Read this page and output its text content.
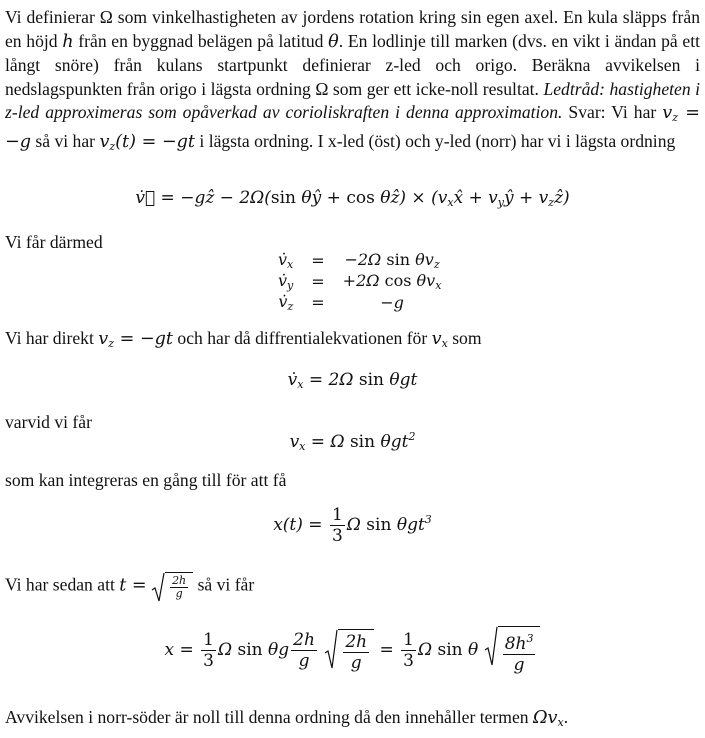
Vi definierar Ω som vinkelhastigheten av jordens rotation kring sin egen axel. En kula släpps från en höjd h från en byggnad belägen på latitud θ. En lodlinje till marken (dvs. en vikt i ändan på ett långt snöre) från kulans startpunkt definierar z-led och origo. Beräkna avvikelsen i nedslagspunkten från origo i lägsta ordning Ω som ger ett icke-noll resultat. Ledtråd: hastigheten i z-led approximeras som opåverkad av corioliskraften i denna approximation. Svar: Vi har $v_z = -g$ så vi har $v_z(t) = -gt$ i lägsta ordning. I x-led (öst) och y-led (norr) har vi i lägsta ordning
v̇⃗ = −gẑ − 2Ω(sin θŷ + cos θẑ) × ($v_xx̂$ + $v_yŷ$ + $v_zẑ$)
Vi får därmed
$v̇_x$	=	−2Ω $\sin \theta v_z$
$v̇_y$	=	+2Ω $\cos \theta v_x$
$v̇_z$	=	−g
Vi har direkt $v_z = -gt$ och har då diffrentialekvationen för $v_x$ som
$v̇_x = 2\Omega$ sin θgt
varvid vi får
$v_x = \Omega$ sin θgt$^2$
som kan integreras en gång till för att få
$x(t) = \frac{1}{3}$ Ω sin θgt$^3$
Vi har sedan att $t = \frac{2h}{g}$ så vi får
$x = \frac{1}{3}$ Ω sin θg $\frac{2h}{g}$
$\frac{2h}{g} = \frac{1}{3}$ Ω sin θ $\frac{8h^3}{g}$
Avvikelsen i norr-söder är noll till denna ordning då den innehåller termen $\Omega v_x$.
